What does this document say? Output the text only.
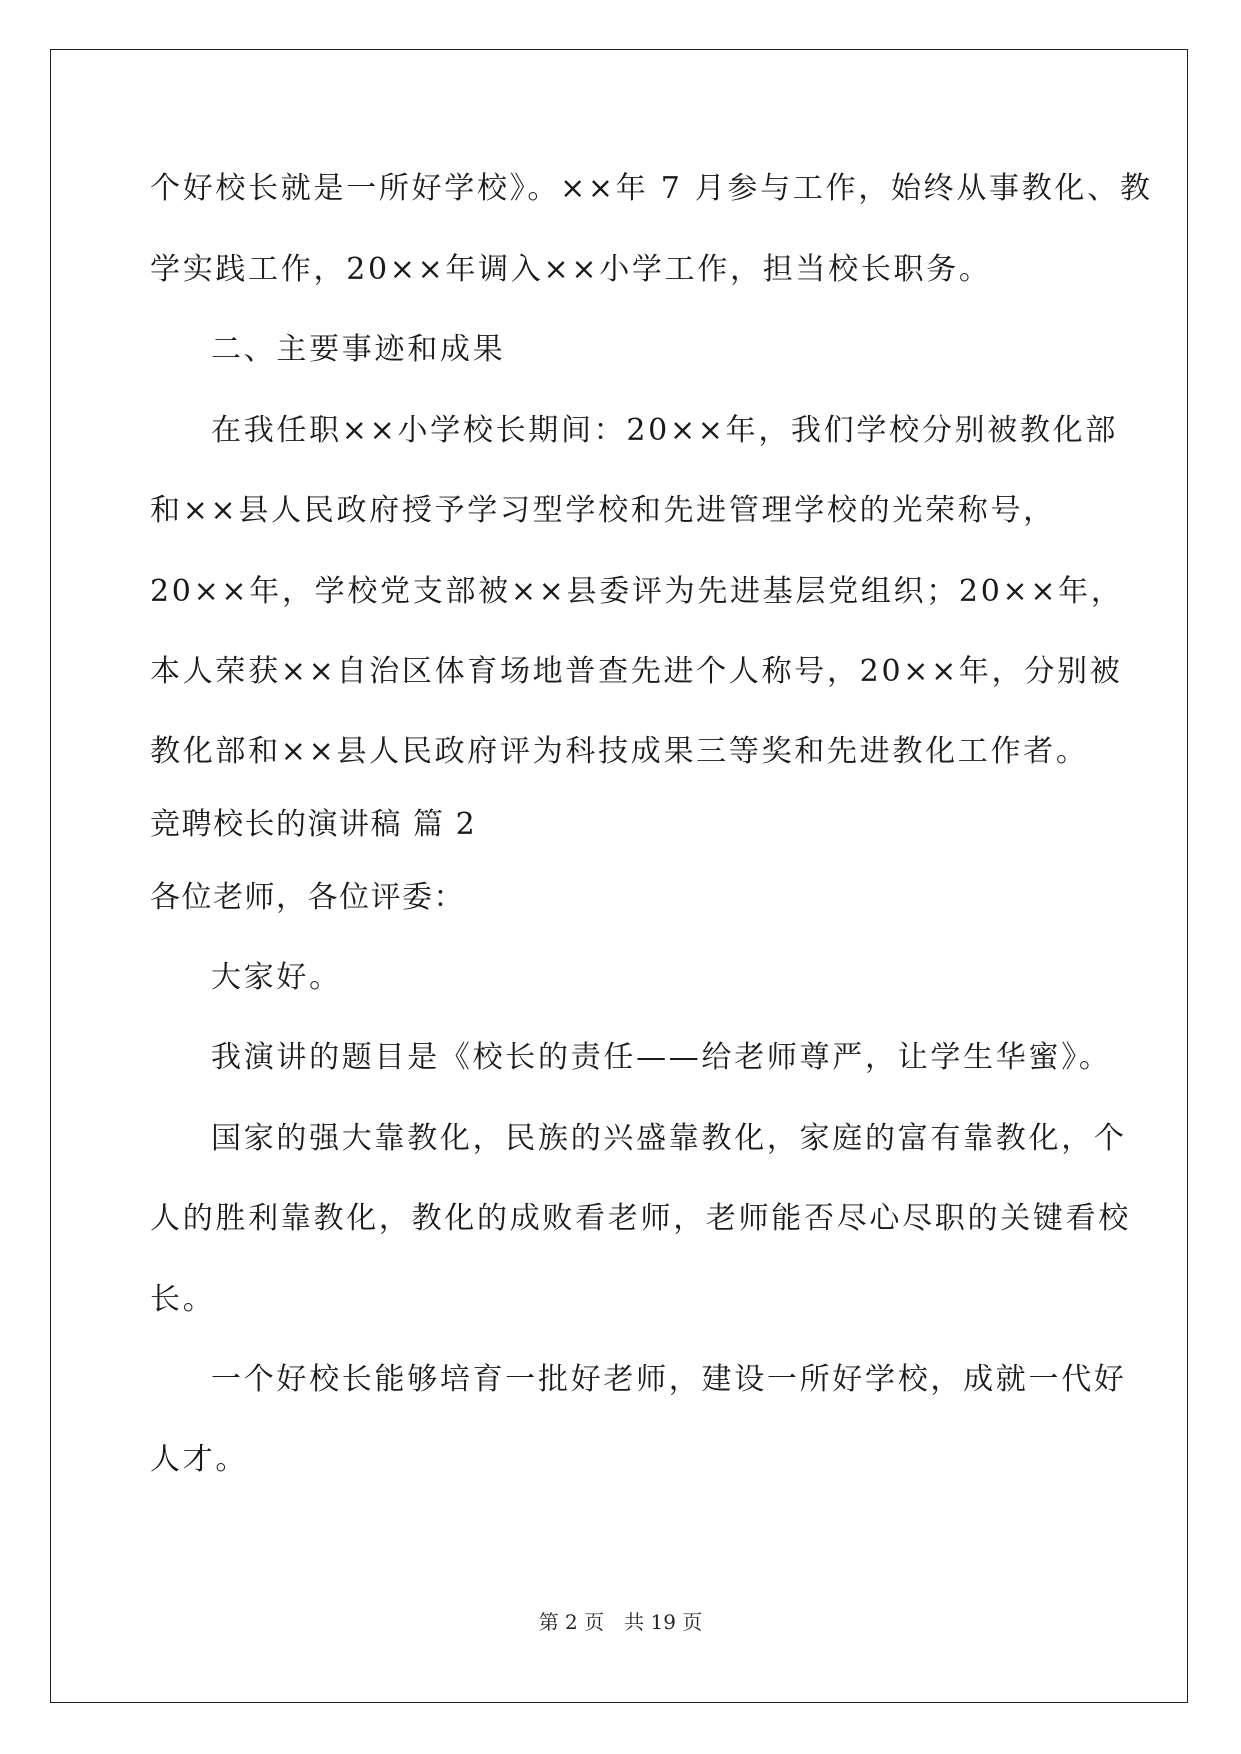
个好校长就是一所好学校》。××年 7 月参与工作，始终从事教化、教
学实践工作，20××年调入××小学工作，担当校长职务。
二、主要事迹和成果
在我任职××小学校长期间：20××年，我们学校分别被教化部
和××县人民政府授予学习型学校和先进管理学校的光荣称号，
20××年，学校党支部被××县委评为先进基层党组织；20××年，
本人荣获××自治区体育场地普查先进个人称号，20××年，分别被
教化部和××县人民政府评为科技成果三等奖和先进教化工作者。
竞聘校长的演讲稿 篇 2
各位老师，各位评委：
大家好。
我演讲的题目是《校长的责任——给老师尊严，让学生华蜜》。
国家的强大靠教化，民族的兴盛靠教化，家庭的富有靠教化，个
人的胜利靠教化，教化的成败看老师，老师能否尽心尽职的关键看校
长。
一个好校长能够培育一批好老师，建设一所好学校，成就一代好
人才。
第 2 页　共 19 页
